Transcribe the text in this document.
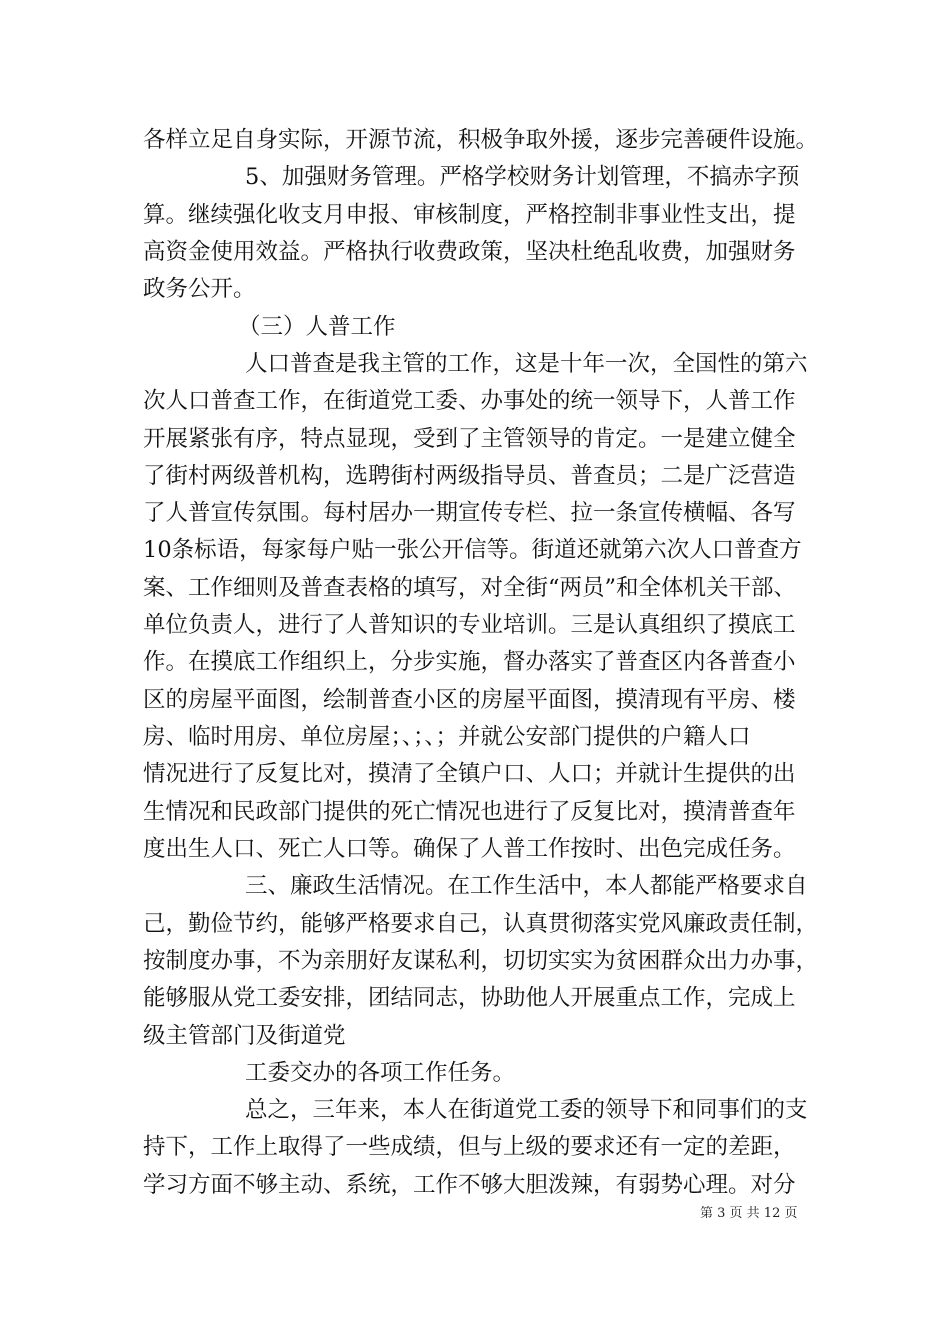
各样立足自身实际，开源节流，积极争取外援，逐步完善硬件设施。
5、加强财务管理。严格学校财务计划管理，不搞赤字预
算。继续强化收支月申报、审核制度，严格控制非事业性支出，提
高资金使用效益。严格执行收费政策，坚决杜绝乱收费，加强财务
政务公开。
（三）人普工作
人口普查是我主管的工作，这是十年一次，全国性的第六
次人口普查工作，在街道党工委、办事处的统一领导下，人普工作
开展紧张有序，特点显现，受到了主管领导的肯定。一是建立健全
了街村两级普机构，选聘街村两级指导员、普查员；二是广泛营造
了人普宣传氛围。每村居办一期宣传专栏、拉一条宣传横幅、各写
10条标语，每家每户贴一张公开信等。街道还就第六次人口普查方
案、工作细则及普查表格的填写，对全街“两员”和全体机关干部、
单位负责人，进行了人普知识的专业培训。三是认真组织了摸底工
作。在摸底工作组织上，分步实施，督办落实了普查区内各普查小
区的房屋平面图，绘制普查小区的房屋平面图，摸清现有平房、楼
房、临时用房、单位房屋；、；、；并就公安部门提供的户籍人口
情况进行了反复比对，摸清了全镇户口、人口；并就计生提供的出
生情况和民政部门提供的死亡情况也进行了反复比对，摸清普查年
度出生人口、死亡人口等。确保了人普工作按时、出色完成任务。
三、廉政生活情况。在工作生活中，本人都能严格要求自
己，勤俭节约，能够严格要求自己，认真贯彻落实党风廉政责任制，
按制度办事，不为亲朋好友谋私利，切切实实为贫困群众出力办事，
能够服从党工委安排，团结同志，协助他人开展重点工作，完成上
级主管部门及街道党
工委交办的各项工作任务。
总之，三年来，本人在街道党工委的领导下和同事们的支
持下，工作上取得了一些成绩，但与上级的要求还有一定的差距，
学习方面不够主动、系统，工作不够大胆泼辣，有弱势心理。对分
第 3 页 共 12 页
